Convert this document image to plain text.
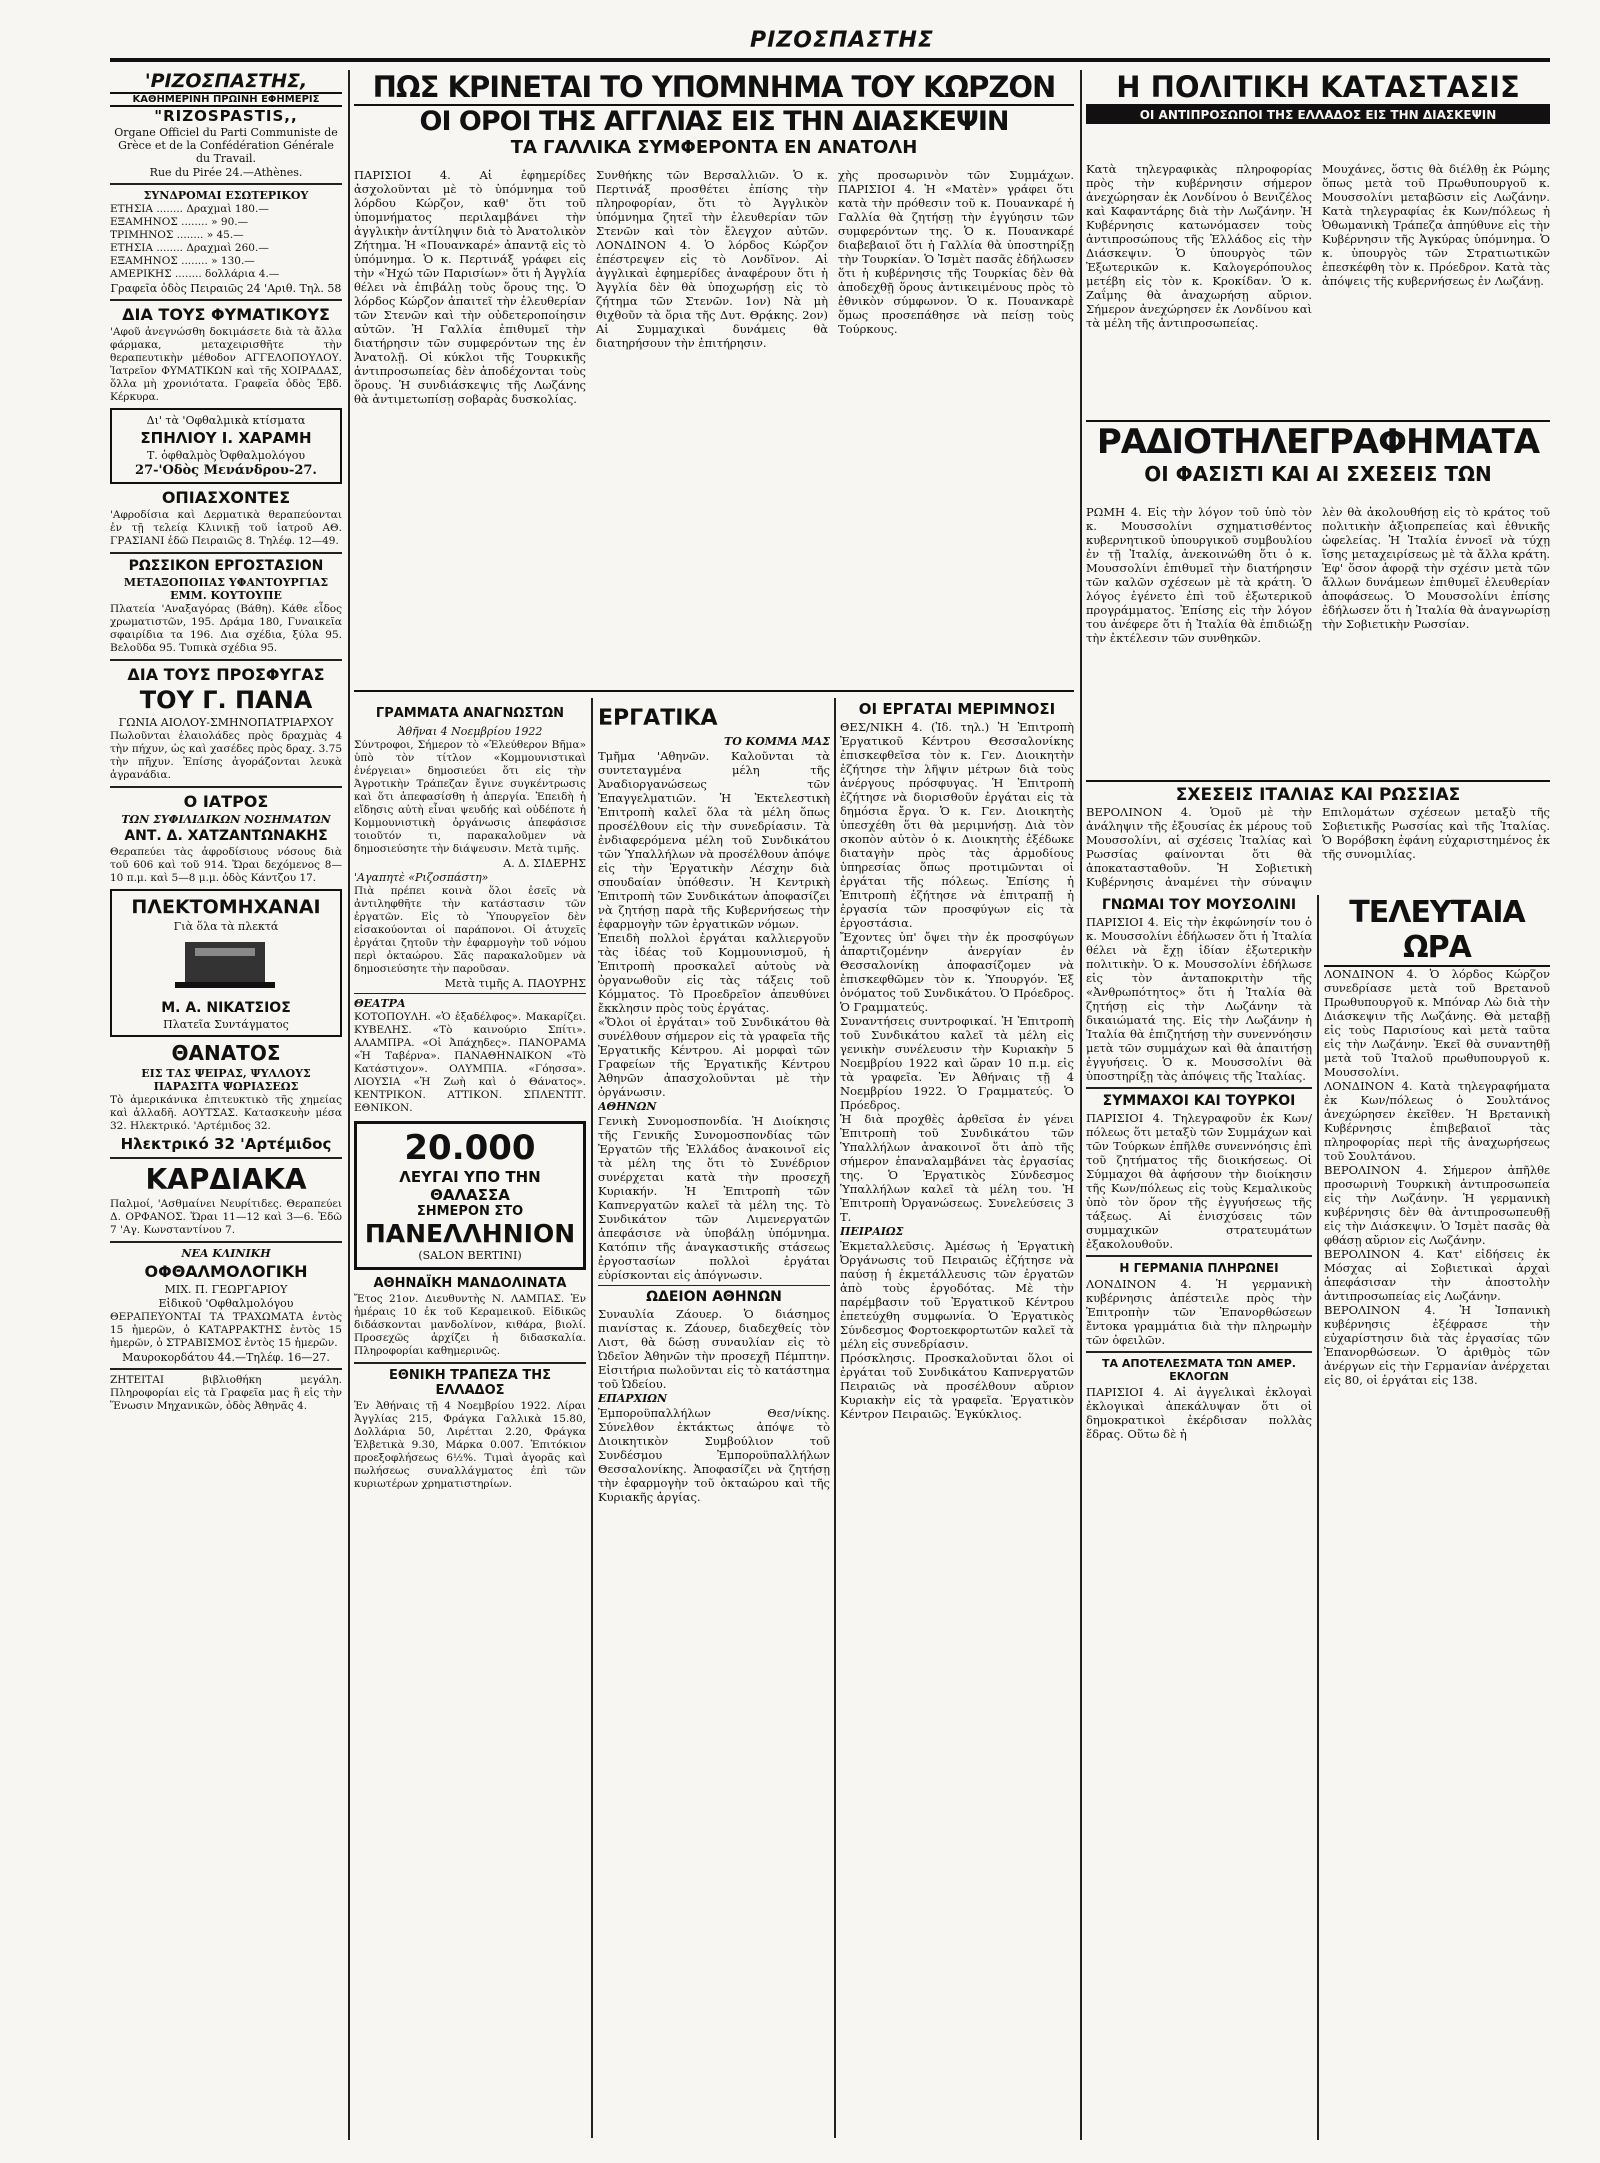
ΡΙΖΟΣΠΑΣΤΗΣ
'ΡΙΖΟΣΠΑΣΤΗΣ,
ΚΑΘΗΜΕΡΙΝΗ ΠΡΩΙΝΗ ΕΦΗΜΕΡΙΣ
"RIZOSPASTIS,,
Organe Officiel du Parti Communiste de Grèce et de la Confédération Générale du Travail.
Rue du Pirée 24.—Athènes.
ΣΥΝΔΡΟΜΑΙ ΕΣΩΤΕΡΙΚΟΥ
ΕΤΗΣΙΑ ........ Δραχμαὶ 180.—
ΕΞΑΜΗΝΟΣ ........ » 90.—
ΤΡΙΜΗΝΟΣ ........ » 45.—
ΕΤΗΣΙΑ ........ Δραχμαὶ 260.—
ΕΞΑΜΗΝΟΣ ........ » 130.—
ΑΜΕΡΙΚΗΣ ........ δολλάρια 4.—
Γραφεῖα ὁδὸς Πειραιῶς 24 'Αριθ. Τηλ. 58
ΔΙΑ ΤΟΥΣ ΦΥΜΑΤΙΚΟΥΣ

'Αφοῦ ἀνεγνώσθη δοκιμάσετε διὰ τὰ ἄλλα φάρμακα, μεταχειρισθῆτε τὴν θεραπευτικὴν μέθοδον ΑΓΓΕΛΟΠΟΥΛΟΥ. Ἰατρεῖον ΦΥΜΑΤΙΚΩΝ καὶ τῆς ΧΟΙΡΑΔΑΣ, ὅλλα μὴ χρονιότατα. Γραφεῖα ὁδὸς Ἐβδ. Κέρκυρα.

Δι' τὰ 'Οφθαλμικὰ κτίσματα
ΣΠΗΛΙΟΥ Ι. ΧΑΡΑΜΗ
Τ. ὁφθαλμὸς Ὀφθαλμολόγου
27-'Οδὸς Μενάνδρου-27.
ΟΠΙΑΣΧΟΝΤΕΣ

'Αφροδίσια καὶ Δερματικὰ θεραπεύονται ἐν τῇ τελείᾳ Κλινικῇ τοῦ ἰατροῦ ΑΘ. ΓΡΑΣΙΑΝΙ ἐδῶ Πειραιῶς 8. Τηλέφ. 12—49.

ΡΩΣΣΙΚΟΝ ΕΡΓΟΣΤΑΣΙΟΝ
ΜΕΤΑΞΟΠΟΙΙΑΣ ΥΦΑΝΤΟΥΡΓΙΑΣ ΕΜΜ. ΚΟΥΤΟΥΠΕ

Πλατεία 'Αναξαγόρας (Βάθη). Κάθε εἶδος χρωματιστῶν, 195. Δράμα 180, Γυναικεῖα σφαιρίδια τα 196. Δια σχέδια, ξύλα 95. Βελοῦδα 95. Τυπικὰ σχέδια 95.

ΔΙΑ ΤΟΥΣ ΠΡΟΣΦΥΓΑΣ
ΤΟΥ Γ. ΠΑΝΑ
ΓΩΝΙΑ ΑΙΟΛΟΥ-ΣΜΗΝΟΠΑΤΡΙΑΡΧΟΥ

Πωλοῦνται ἐλαιολάδες πρὸς δραχμὰς 4 τὴν πήχυν, ὡς καὶ χασέδες πρὸς δραχ. 3.75 τὴν πῆχυν. Ἐπίσης ἀγοράζονται λευκὰ ἀγρανάδια.

Ο ΙΑΤΡΟΣ
ΤΩΝ ΣΥΦΙΛΙΔΙΚΩΝ ΝΟΣΗΜΑΤΩΝ
ΑΝΤ. Δ. ΧΑΤΖΑΝΤΩΝΑΚΗΣ

Θεραπεύει τὰς ἀφροδίσιους νόσους διὰ τοῦ 606 καὶ τοῦ 914. Ὥραι δεχόμενος 8—10 π.μ. καὶ 5—8 μ.μ. ὁδὸς Κάντζου 17.

ΠΛΕΚΤΟΜΗΧΑΝΑΙ
Γιὰ ὅλα τὰ πλεκτά
Μ. Α. ΝΙΚΑΤΣΙΟΣ
Πλατεῖα Συντάγματος
ΘΑΝΑΤΟΣ
ΕΙΣ ΤΑΣ ΨΕΙΡΑΣ, ΨΥΛΛΟΥΣ ΠΑΡΑΣΙΤΑ ΨΩΡΙΑΣΕΩΣ

Τὸ ἀμερικάνικα ἐπιτευκτικὸ τῆς χημείας καὶ ἀλλαδῆ. ΑΟΥΤΣΑΣ. Κατασκευὴν μέσα 32. Ηλεκτρικό. 'Αρτέμιδος 32.

Ηλεκτρικό 32 'Αρτέμιδος
ΚΑΡΔΙΑΚΑ

Παλμοί, 'Ασθμαίνει Νευρίτιδες. Θεραπεύει Δ. ΟΡΦΑΝΟΣ. Ὥραι 11—12 καὶ 3—6. Ἐδῶ 7 'Αγ. Κωνσταντίνου 7.

ΝΕΑ ΚΛΙΝΙΚΗ
ΟΦΘΑΛΜΟΛΟΓΙΚΗ
ΜΙΧ. Π. ΓΕΩΡΓΑΡΙΟΥ
Εἰδικοῦ 'Οφθαλμολόγου

ΘΕΡΑΠΕΥΟΝΤΑΙ ΤΑ ΤΡΑΧΩΜΑΤΑ ἐντὸς 15 ἡμερῶν, ὁ ΚΑΤΑΡΡΑΚΤΗΣ ἐντὸς 15 ἡμερῶν, ὁ ΣΤΡΑΒΙΣΜΟΣ ἐντὸς 15 ἡμερῶν.

Μαυροκορδάτου 44.—Τηλέφ. 16—27.

ΖΗΤΕΙΤΑΙ βιβλιοθήκη μεγάλη. Πληροφορίαι εἰς τὰ Γραφεῖα μας ἢ εἰς τὴν Ἕνωσιν Μηχανικῶν, ὁδὸς Ἀθηνᾶς 4.

ΠΩΣ ΚΡΙΝΕΤΑΙ ΤΟ ΥΠΟΜΝΗΜΑ ΤΟΥ ΚΩΡΖΟΝ
ΟΙ ΟΡΟΙ ΤΗΣ ΑΓΓΛΙΑΣ ΕΙΣ ΤΗΝ ΔΙΑΣΚΕΨΙΝ
ΤΑ ΓΑΛΛΙΚΑ ΣΥΜΦΕΡΟΝΤΑ ΕΝ ΑΝΑΤΟΛΗ

ΠΑΡΙΣΙΟΙ 4. Αἱ ἐφημερίδες ἀσχολοῦνται μὲ τὸ ὑπόμνημα τοῦ λόρδου Κώρζον, καθ' ὅτι τοῦ ὑπομνήματος περιλαμβάνει τὴν ἀγγλικὴν ἀντίληψιν διὰ τὸ Ἀνατολικὸν Ζήτημα. Ἡ «Πουανκαρέ» ἀπαντᾷ εἰς τὸ ὑπόμνημα. Ὁ κ. Περτινάξ γράφει εἰς τὴν «Ἠχώ τῶν Παρισίων» ὅτι ἡ Ἀγγλία θέλει νὰ ἐπιβάλῃ τοὺς ὅρους της. Ὁ λόρδος Κώρζον ἀπαιτεῖ τὴν ἐλευθερίαν τῶν Στενῶν καὶ τὴν οὐδετεροποίησιν αὐτῶν. Ἡ Γαλλία ἐπιθυμεῖ τὴν διατήρησιν τῶν συμφερόντων της ἐν Ἀνατολῇ. Οἱ κύκλοι τῆς Τουρκικῆς ἀντιπροσωπείας δὲν ἀποδέχονται τοὺς ὅρους. Ἡ συνδιάσκεψις τῆς Λωζάνης θὰ ἀντιμετωπίσῃ σοβαρὰς δυσκολίας.

Συνθήκης τῶν Βερσαλλιῶν. Ὁ κ. Περτινάξ προσθέτει ἐπίσης τὴν πληροφορίαν, ὅτι τὸ Ἀγγλικὸν ὑπόμνημα ζητεῖ τὴν ἐλευθερίαν τῶν Στενῶν καὶ τὸν ἔλεγχον αὐτῶν. ΛΟΝΔΙΝΟΝ 4. Ὁ λόρδος Κώρζον ἐπέστρεψεν εἰς τὸ Λονδῖνον. Αἱ ἀγγλικαὶ ἐφημερίδες ἀναφέρουν ὅτι ἡ Ἀγγλία δὲν θὰ ὑποχωρήσῃ εἰς τὸ ζήτημα τῶν Στενῶν. 1ον) Νὰ μὴ θιχθοῦν τὰ ὅρια τῆς Δυτ. Θρᾴκης. 2ον) Αἱ Συμμαχικαὶ δυνάμεις θὰ διατηρήσουν τὴν ἐπιτήρησιν.

χὴς προσωρινὸν τῶν Συμμάχων. ΠΑΡΙΣΙΟΙ 4. Ἡ «Ματὲν» γράφει ὅτι κατὰ τὴν πρόθεσιν τοῦ κ. Πουανκαρέ ἡ Γαλλία θὰ ζητήσῃ τὴν ἐγγύησιν τῶν συμφερόντων της. Ὁ κ. Πουανκαρέ διαβεβαιοῖ ὅτι ἡ Γαλλία θὰ ὑποστηρίξῃ τὴν Τουρκίαν. Ὁ Ἰσμὲτ πασᾶς ἐδήλωσεν ὅτι ἡ κυβέρνησις τῆς Τουρκίας δὲν θὰ ἀποδεχθῇ ὅρους ἀντικειμένους πρὸς τὸ ἐθνικὸν σύμφωνον. Ὁ κ. Πουανκαρὲ ὅμως προσεπάθησε νὰ πείσῃ τοὺς Τούρκους.

ΓΡΑΜΜΑΤΑ ΑΝΑΓΝΩΣΤΩΝ
Ἀθῆναι 4 Νοεμβρίου 1922

Σύντροφοι, Σήμερον τὸ «Ἐλεύθερον Βῆμα» ὑπὸ τὸν τίτλον «Κομμουνιστικαὶ ἐνέργειαι» δημοσιεύει ὅτι εἰς τὴν Ἀγροτικὴν Τράπεζαν ἔγινε συγκέντρωσις καὶ ὅτι ἀπεφασίσθη ἡ ἀπεργία. Ἐπειδὴ ἡ εἴδησις αὐτὴ εἶναι ψευδής καὶ οὐδέποτε ἡ Κομμουνιστικὴ ὀργάνωσις ἀπεφάσισε τοιοῦτόν τι, παρακαλοῦμεν νὰ δημοσιεύσητε τὴν διάψευσιν. Μετὰ τιμῆς.

Α. Δ. ΣΙΔΕΡΗΣ
'Αγαπητὲ «Ριζοσπάστη»

Πιὰ πρέπει κοινὰ ὅλοι ἐσεῖς νὰ ἀντιληφθῆτε τὴν κατάστασιν τῶν ἐργατῶν. Εἰς τὸ Ὑπουργεῖον δὲν εἰσακούονται οἱ παράπονοι. Οἱ ἀτυχεῖς ἐργάται ζητοῦν τὴν ἐφαρμογὴν τοῦ νόμου περὶ ὀκταώρου. Σᾶς παρακαλοῦμεν νὰ δημοσιεύσητε τὴν παροῦσαν.

Μετὰ τιμῆς Α. ΠΑΟΥΡΗΣ
ΘΕΑΤΡΑ

ΚΟΤΟΠΟΥΛΗ. «Ὁ ἐξαδέλφος». Μακαρίζει. ΚΥΒΕΛΗΣ. «Τὸ καινούριο Σπίτι». ΑΛΑΜΠΡΑ. «Οἱ Ἀπάχηδες». ΠΑΝΟΡΑΜΑ «Ἡ Ταβέρνα». ΠΑΝΑΘΗΝΑΙΚΟΝ «Τὸ Κατάστιχον». ΟΛΥΜΠΙΑ. «Γόησσα». ΛΙΟΥΣΙΑ «Ἡ Ζωὴ καὶ ὁ Θάνατος». ΚΕΝΤΡΙΚΟΝ. ΑΤΤΙΚΟΝ. ΣΠΛΕΝΤΙΤ. ΕΘΝΙΚΟΝ.

20.000
ΛΕΥΓΑΙ ΥΠΟ ΤΗΝ ΘΑΛΑΣΣΑ
ΣΗΜΕΡΟΝ ΣΤΟ
ΠΑΝΕΛΛΗΝΙΟΝ
(SALON BERTINI)
ΑΘΗΝΑΪΚΗ ΜΑΝΔΟΛΙΝΑΤΑ

Ἔτος 21ον. Διευθυντὴς Ν. ΛΑΜΠΑΣ. Ἐν ἡμέραις 10 ἐκ τοῦ Κεραμεικοῦ. Εἰδικῶς διδάσκονται μανδολίνον, κιθάρα, βιολί. Προσεχῶς ἀρχίζει ἡ διδασκαλία. Πληροφορίαι καθημερινῶς.

ΕΘΝΙΚΗ ΤΡΑΠΕΖΑ ΤΗΣ ΕΛΛΑΔΟΣ

Ἐν Ἀθήναις τῇ 4 Νοεμβρίου 1922. Λίραι Ἀγγλίας 215, Φράγκα Γαλλικὰ 15.80, Δολλάρια 50, Λιρέτται 2.20, Φράγκα Ἑλβετικὰ 9.30, Μάρκα 0.007. Ἐπιτόκιον προεξοφλήσεως 6½%. Τιμαὶ ἀγορᾶς καὶ πωλήσεως συναλλάγματος ἐπὶ τῶν κυριωτέρων χρηματιστηρίων.

ΕΡΓΑΤΙΚΑ
ΤΟ ΚΟΜΜΑ ΜΑΣ

Τμῆμα 'Αθηνῶν. Καλοῦνται τὰ συντεταγμένα μέλη τῆς Ἀναδιοργανώσεως τῶν Ἐπαγγελματιῶν. Ἡ Ἐκτελεστικὴ Ἐπιτροπὴ καλεῖ ὅλα τὰ μέλη ὅπως προσέλθουν εἰς τὴν συνεδρίασιν. Τὰ ἐνδιαφερόμενα μέλη τοῦ Συνδικάτου τῶν Ὑπαλλήλων νὰ προσέλθουν ἀπόψε εἰς τὴν Ἐργατικὴν Λέσχην διὰ σπουδαίαν ὑπόθεσιν. Ἡ Κεντρικὴ Ἐπιτροπὴ τῶν Συνδικάτων ἀποφασίζει νὰ ζητήσῃ παρὰ τῆς Κυβερνήσεως τὴν ἐφαρμογὴν τῶν ἐργατικῶν νόμων.

Ἐπειδὴ πολλοὶ ἐργάται καλλιεργοῦν τὰς ἰδέας τοῦ Κομμουνισμοῦ, ἡ Ἐπιτροπὴ προσκαλεῖ αὐτοὺς νὰ ὀργανωθοῦν εἰς τὰς τάξεις τοῦ Κόμματος. Τὸ Προεδρεῖον ἀπευθύνει ἔκκλησιν πρὸς τοὺς ἐργάτας.

«Ὅλοι οἱ ἐργάται» τοῦ Συνδικάτου θὰ συνέλθουν σήμερον εἰς τὰ γραφεῖα τῆς Ἐργατικῆς Κέντρου. Αἱ μορφαὶ τῶν Γραφείων τῆς Ἐργατικῆς Κέντρου Ἀθηνῶν ἀπασχολοῦνται μὲ τὴν ὀργάνωσιν.

ΑΘΗΝΩΝ

Γενικὴ Συνομοσπονδία. Ἡ Διοίκησις τῆς Γενικῆς Συνομοσπονδίας τῶν Ἐργατῶν τῆς Ἑλλάδος ἀνακοινοῖ εἰς τὰ μέλη της ὅτι τὸ Συνέδριον συνέρχεται κατὰ τὴν προσεχῆ Κυριακήν. Ἡ Ἐπιτροπὴ τῶν Καπνεργατῶν καλεῖ τὰ μέλη της. Τὸ Συνδικάτον τῶν Λιμενεργατῶν ἀπεφάσισε νὰ ὑποβάλῃ ὑπόμνημα. Κατόπιν τῆς ἀναγκαστικῆς στάσεως ἐργοστασίων πολλοὶ ἐργάται εὑρίσκονται εἰς ἀπόγνωσιν.

ΩΔΕΙΟΝ ΑΘΗΝΩΝ

Συναυλία Ζάουερ. Ὁ διάσημος πιανίστας κ. Ζάουερ, διαδεχθείς τὸν Λιστ, θὰ δώσῃ συναυλίαν εἰς τὸ Ὠδεῖον Ἀθηνῶν τὴν προσεχῆ Πέμπτην. Εἰσιτήρια πωλοῦνται εἰς τὸ κατάστημα τοῦ Ὠδείου.

ΕΠΑΡΧΙΩΝ

Ἐμποροϋπαλλήλων Θεσ/νίκης. Σύνελθον ἐκτάκτως ἀπόψε τὸ Διοικητικὸν Συμβούλιον τοῦ Συνδέσμου Ἐμποροϋπαλλήλων Θεσσαλονίκης. Ἀποφασίζει νὰ ζητήσῃ τὴν ἐφαρμογὴν τοῦ ὀκταώρου καὶ τῆς Κυριακῆς ἀργίας.

ΟΙ ΕΡΓΑΤΑΙ ΜΕΡΙΜΝΟΣΙ

ΘΕΣ/ΝΙΚΗ 4. (Ἰδ. τηλ.) Ἡ Ἐπιτροπὴ Ἐργατικοῦ Κέντρου Θεσσαλονίκης ἐπισκεφθεῖσα τὸν κ. Γεν. Διοικητὴν ἐζήτησε τὴν λῆψιν μέτρων διὰ τοὺς ἀνέργους πρόσφυγας. Ἡ Ἐπιτροπὴ ἐζήτησε νὰ διορισθοῦν ἐργάται εἰς τὰ δημόσια ἔργα. Ὁ κ. Γεν. Διοικητὴς ὑπεσχέθη ὅτι θὰ μεριμνήσῃ. Διὰ τὸν σκοπὸν αὐτὸν ὁ κ. Διοικητὴς ἐξέδωκε διαταγὴν πρὸς τὰς ἀρμοδίους ὑπηρεσίας ὅπως προτιμῶνται οἱ ἐργάται τῆς πόλεως. Ἐπίσης ἡ Ἐπιτροπὴ ἐζήτησε νὰ ἐπιτραπῇ ἡ ἐργασία τῶν προσφύγων εἰς τὰ ἐργοστάσια.

Ἔχοντες ὑπ' ὄψει τὴν ἐκ προσφύγων ἀπαρτιζομένην ἀνεργίαν ἐν Θεσσαλονίκῃ ἀποφασίζομεν νὰ ἐπισκεφθῶμεν τὸν κ. Ὑπουργόν. Ἐξ ὀνόματος τοῦ Συνδικάτου. Ὁ Πρόεδρος. Ὁ Γραμματεύς.

Συναντήσεις συντροφικαί. Ἡ Ἐπιτροπὴ τοῦ Συνδικάτου καλεῖ τὰ μέλη εἰς γενικὴν συνέλευσιν τὴν Κυριακὴν 5 Νοεμβρίου 1922 καὶ ὥραν 10 π.μ. εἰς τὰ γραφεῖα. Ἐν Ἀθήναις τῇ 4 Νοεμβρίου 1922. Ὁ Γραμματεύς. Ὁ Πρόεδρος.

Ἡ διὰ προχθὲς ἀρθεῖσα ἐν γένει Ἐπιτροπὴ τοῦ Συνδικάτου τῶν Ὑπαλλήλων ἀνακοινοῖ ὅτι ἀπὸ τῆς σήμερον ἐπαναλαμβάνει τὰς ἐργασίας της. Ὁ Ἐργατικὸς Σύνδεσμος Ὑπαλλήλων καλεῖ τὰ μέλη του. Ἡ Ἐπιτροπὴ Ὀργανώσεως. Συνελεύσεις 3 Τ.

ΠΕΙΡΑΙΩΣ

Ἐκμεταλλεῦσις. Ἀμέσως ἡ Ἐργατικὴ Ὀργάνωσις τοῦ Πειραιῶς ἐζήτησε νὰ παύσῃ ἡ ἐκμετάλλευσις τῶν ἐργατῶν ἀπὸ τοὺς ἐργοδότας. Μὲ τὴν παρέμβασιν τοῦ Ἐργατικοῦ Κέντρου ἐπετεύχθη συμφωνία. Ὁ Ἐργατικὸς Σύνδεσμος Φορτοεκφορτωτῶν καλεῖ τὰ μέλη εἰς συνεδρίασιν.

Πρόσκλησις. Προσκαλοῦνται ὅλοι οἱ ἐργάται τοῦ Συνδικάτου Καπνεργατῶν Πειραιῶς νὰ προσέλθουν αὔριον Κυριακὴν εἰς τὰ γραφεῖα. Ἐργατικὸν Κέντρον Πειραιῶς. Ἐγκύκλιος.

Η ΠΟΛΙΤΙΚΗ ΚΑΤΑΣΤΑΣΙΣ
ΟΙ ΑΝΤΙΠΡΟΣΩΠΟΙ ΤΗΣ ΕΛΛΑΔΟΣ ΕΙΣ ΤΗΝ ΔΙΑΣΚΕΨΙΝ

Κατὰ τηλεγραφικὰς πληροφορίας πρὸς τὴν κυβέρνησιν σήμερον ἀνεχώρησαν ἐκ Λονδίνου ὁ Βενιζέλος καὶ Καφαντάρης διὰ τὴν Λωζάνην. Ἡ Κυβέρνησις κατωνόμασεν τοὺς ἀντιπροσώπους τῆς Ἑλλάδος εἰς τὴν Διάσκεψιν. Ὁ ὑπουργὸς τῶν Ἐξωτερικῶν κ. Καλογερόπουλος μετέβη εἰς τὸν κ. Κροκίδαν. Ὁ κ. Ζαΐμης θὰ ἀναχωρήσῃ αὔριον. Σήμερον ἀνεχώρησεν ἐκ Λονδίνου καὶ τὰ μέλη τῆς ἀντιπροσωπείας.

Μουχάνες, ὅστις θὰ διέλθῃ ἐκ Ρώμης ὅπως μετὰ τοῦ Πρωθυπουργοῦ κ. Μουσσολίνι μεταβῶσιν εἰς Λωζάνην. Κατὰ τηλεγραφίας ἐκ Κων/πόλεως ἡ Ὀθωμανικὴ Τράπεζα ἀπηύθυνε εἰς τὴν Κυβέρνησιν τῆς Ἀγκύρας ὑπόμνημα. Ὁ κ. ὑπουργὸς τῶν Στρατιωτικῶν ἐπεσκέφθη τὸν κ. Πρόεδρον. Κατὰ τὰς ἀπόψεις τῆς κυβερνήσεως ἐν Λωζάνῃ.

ΡΑΔΙΟΤΗΛΕΓΡΑΦΗΜΑΤΑ
ΟΙ ΦΑΣΙΣΤΙ ΚΑΙ ΑΙ ΣΧΕΣΕΙΣ ΤΩΝ

ΡΩΜΗ 4. Εἰς τὴν λόγον τοῦ ὑπὸ τὸν κ. Μουσσολίνι σχηματισθέντος κυβερνητικοῦ ὑπουργικοῦ συμβουλίου ἐν τῇ Ἰταλίᾳ, ἀνεκοινώθη ὅτι ὁ κ. Μουσσολίνι ἐπιθυμεῖ τὴν διατήρησιν τῶν καλῶν σχέσεων μὲ τὰ κράτη. Ὁ λόγος ἐγένετο ἐπὶ τοῦ ἐξωτερικοῦ προγράμματος. Ἐπίσης εἰς τὴν λόγον του ἀνέφερε ὅτι ἡ Ἰταλία θὰ ἐπιδιώξῃ τὴν ἐκτέλεσιν τῶν συνθηκῶν.

λὲν θὰ ἀκολουθήσῃ εἰς τὸ κράτος τοῦ πολιτικὴν ἀξιοπρεπείας καὶ ἐθνικῆς ὠφελείας. Ἡ Ἰταλία ἐννοεῖ νὰ τύχῃ ἴσης μεταχειρίσεως μὲ τὰ ἄλλα κράτη. Ἐφ' ὅσον ἀφορᾷ τὴν σχέσιν μετὰ τῶν ἄλλων δυνάμεων ἐπιθυμεῖ ἐλευθερίαν ἀποφάσεως. Ὁ Μουσσολίνι ἐπίσης ἐδήλωσεν ὅτι ἡ Ἰταλία θὰ ἀναγνωρίσῃ τὴν Σοβιετικὴν Ρωσσίαν.

ΣΧΕΣΕΙΣ ΙΤΑΛΙΑΣ ΚΑΙ ΡΩΣΣΙΑΣ

ΒΕΡΟΛΙΝΟΝ 4. Ὁμοῦ μὲ τὴν ἀνάληψιν τῆς ἐξουσίας ἐκ μέρους τοῦ Μουσσολίνι, αἱ σχέσεις Ἰταλίας καὶ Ρωσσίας φαίνονται ὅτι θὰ ἀποκατασταθοῦν. Ἡ Σοβιετικὴ Κυβέρνησις ἀναμένει τὴν σύναψιν

Επιλομάτων σχέσεων μεταξὺ τῆς Σοβιετικῆς Ρωσσίας καὶ τῆς Ἰταλίας. Ὁ Βορόβσκη ἐφάνη εὐχαριστημένος ἐκ τῆς συνομιλίας.

ΓΝΩΜΑΙ ΤΟΥ ΜΟΥΣΟΛΙΝΙ

ΠΑΡΙΣΙΟΙ 4. Εἰς τὴν ἐκφώνησίν του ὁ κ. Μουσσολίνι ἐδήλωσεν ὅτι ἡ Ἰταλία θέλει νὰ ἔχῃ ἰδίαν ἐξωτερικὴν πολιτικὴν. Ὁ κ. Μουσσολίνι ἐδήλωσε εἰς τὸν ἀνταποκριτὴν τῆς «Ἀνθρωπότητος» ὅτι ἡ Ἰταλία θὰ ζητήσῃ εἰς τὴν Λωζάνην τὰ δικαιώματά της. Εἰς τὴν Λωζάνην ἡ Ἰταλία θὰ ἐπιζητήσῃ τὴν συνεννόησιν μετὰ τῶν συμμάχων καὶ θὰ ἀπαιτήσῃ ἐγγυήσεις. Ὁ κ. Μουσσολίνι θὰ ὑποστηρίξῃ τὰς ἀπόψεις τῆς Ἰταλίας.

ΣΥΜΜΑΧΟΙ ΚΑΙ ΤΟΥΡΚΟΙ

ΠΑΡΙΣΙΟΙ 4. Τηλεγραφοῦν ἐκ Κων/πόλεως ὅτι μεταξὺ τῶν Συμμάχων καὶ τῶν Τούρκων ἐπῆλθε συνεννόησις ἐπὶ τοῦ ζητήματος τῆς διοικήσεως. Οἱ Σύμμαχοι θὰ ἀφήσουν τὴν διοίκησιν τῆς Κων/πόλεως εἰς τοὺς Κεμαλικοὺς ὑπὸ τὸν ὅρον τῆς ἐγγυήσεως τῆς τάξεως. Αἱ ἐνισχύσεις τῶν συμμαχικῶν στρατευμάτων ἐξακολουθοῦν.

Η ΓΕΡΜΑΝΙΑ ΠΛΗΡΩΝΕΙ

ΛΟΝΔΙΝΟΝ 4. Ἡ γερμανικὴ κυβέρνησις ἀπέστειλε πρὸς τὴν Ἐπιτροπὴν τῶν Ἐπανορθώσεων ἔντοκα γραμμάτια διὰ τὴν πληρωμὴν τῶν ὀφειλῶν.

ΤΑ ΑΠΟΤΕΛΕΣΜΑΤΑ ΤΩΝ ΑΜΕΡ. ΕΚΛΟΓΩΝ

ΠΑΡΙΣΙΟΙ 4. Αἱ ἀγγελικαὶ ἐκλογαὶ ἐκλογικαὶ ἀπεκάλυψαν ὅτι οἱ δημοκρατικοὶ ἐκέρδισαν πολλὰς ἕδρας. Οὕτω δὲ ἡ

ΤΕΛΕΥΤΑΙΑ ΩΡΑ

ΛΟΝΔΙΝΟΝ 4. Ὁ λόρδος Κώρζον συνεδρίασε μετὰ τοῦ Βρετανοῦ Πρωθυπουργοῦ κ. Μπόναρ Λὼ διὰ τὴν Διάσκεψιν τῆς Λωζάνης. Θὰ μεταβῇ εἰς τοὺς Παρισίους καὶ μετὰ ταῦτα εἰς τὴν Λωζάνην. Ἐκεῖ θὰ συναντηθῇ μετὰ τοῦ Ἰταλοῦ πρωθυπουργοῦ κ. Μουσσολίνι.

ΛΟΝΔΙΝΟΝ 4. Κατὰ τηλεγραφήματα ἐκ Κων/πόλεως ὁ Σουλτάνος ἀνεχώρησεν ἐκεῖθεν. Ἡ Βρετανικὴ Κυβέρνησις ἐπιβεβαιοῖ τὰς πληροφορίας περὶ τῆς ἀναχωρήσεως τοῦ Σουλτάνου.

ΒΕΡΟΛΙΝΟΝ 4. Σήμερον ἀπῆλθε προσωρινὴ Τουρκικὴ ἀντιπροσωπεία εἰς τὴν Λωζάνην. Ἡ γερμανικὴ κυβέρνησις δὲν θὰ ἀντιπροσωπευθῇ εἰς τὴν Διάσκεψιν. Ὁ Ἰσμὲτ πασᾶς θὰ φθάσῃ αὔριον εἰς Λωζάνην.

ΒΕΡΟΛΙΝΟΝ 4. Κατ' εἰδήσεις ἐκ Μόσχας αἱ Σοβιετικαὶ ἀρχαὶ ἀπεφάσισαν τὴν ἀποστολὴν ἀντιπροσωπείας εἰς Λωζάνην.

ΒΕΡΟΛΙΝΟΝ 4. Ἡ Ἰσπανικὴ κυβέρνησις ἐξέφρασε τὴν εὐχαρίστησιν διὰ τὰς ἐργασίας τῶν Ἐπανορθώσεων. Ὁ ἀριθμὸς τῶν ἀνέργων εἰς τὴν Γερμανίαν ἀνέρχεται εἰς 80, οἱ ἐργάται εἰς 138.
